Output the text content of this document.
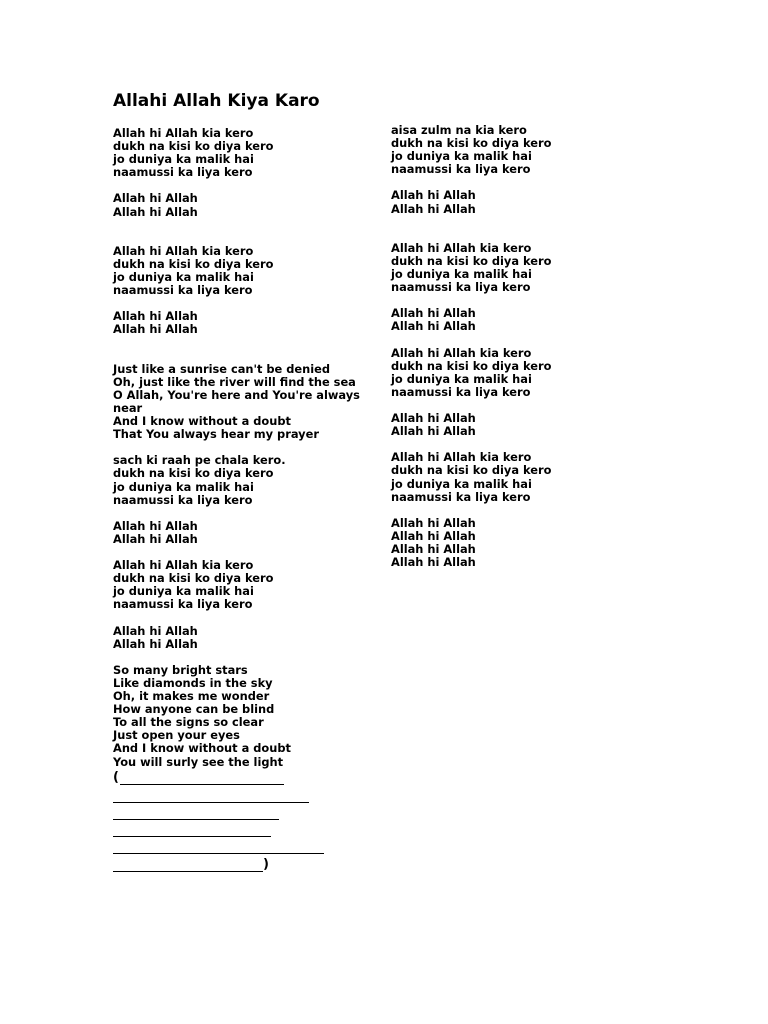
Allahi Allah Kiya Karo
Allah hi Allah kia kero
dukh na kisi ko diya kero
jo duniya ka malik hai
naamussi ka liya kero
Allah hi Allah
Allah hi Allah
Allah hi Allah kia kero
dukh na kisi ko diya kero
jo duniya ka malik hai
naamussi ka liya kero
Allah hi Allah
Allah hi Allah
Just like a sunrise can't be denied
Oh, just like the river will find the sea
O Allah, You're here and You're always near
And I know without a doubt
That You always hear my prayer
sach ki raah pe chala kero.
dukh na kisi ko diya kero
jo duniya ka malik hai
naamussi ka liya kero
Allah hi Allah
Allah hi Allah
Allah hi Allah kia kero
dukh na kisi ko diya kero
jo duniya ka malik hai
naamussi ka liya kero
Allah hi Allah
Allah hi Allah
So many bright stars
Like diamonds in the sky
Oh, it makes me wonder
How anyone can be blind
To all the signs so clear
Just open your eyes
And I know without a doubt
You will surly see the light
aisa zulm na kia kero
dukh na kisi ko diya kero
jo duniya ka malik hai
naamussi ka liya kero
Allah hi Allah
Allah hi Allah
Allah hi Allah kia kero
dukh na kisi ko diya kero
jo duniya ka malik hai
naamussi ka liya kero
Allah hi Allah
Allah hi Allah
Allah hi Allah kia kero
dukh na kisi ko diya kero
jo duniya ka malik hai
naamussi ka liya kero
Allah hi Allah
Allah hi Allah
Allah hi Allah kia kero
dukh na kisi ko diya kero
jo duniya ka malik hai
naamussi ka liya kero
Allah hi Allah
Allah hi Allah
Allah hi Allah
Allah hi Allah
(
)
